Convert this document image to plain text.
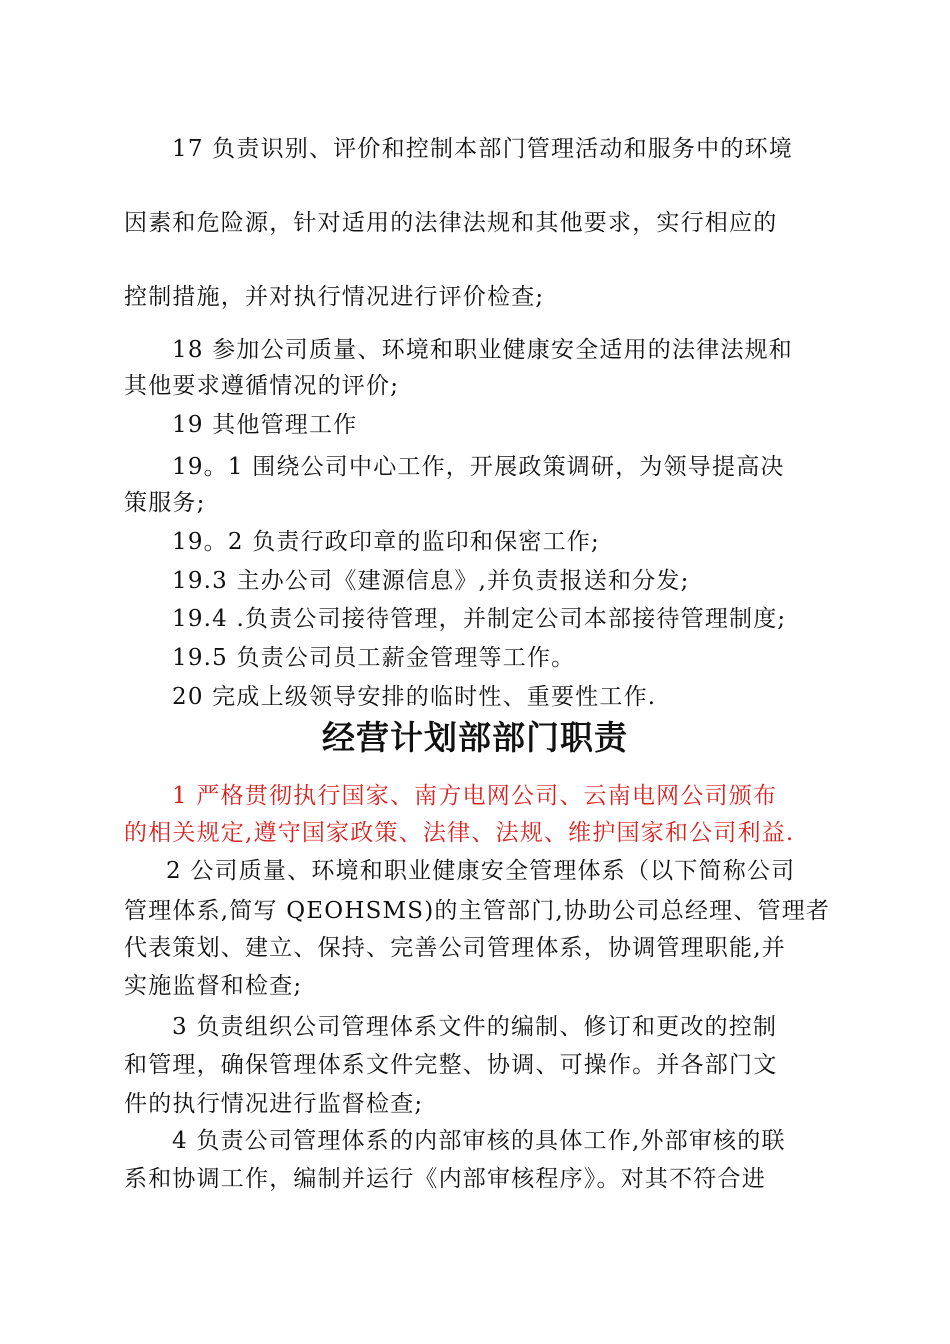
17 负责识别、评价和控制本部门管理活动和服务中的环境
因素和危险源，针对适用的法律法规和其他要求，实行相应的
控制措施，并对执行情况进行评价检查;
18 参加公司质量、环境和职业健康安全适用的法律法规和
其他要求遵循情况的评价;
19 其他管理工作
19。1 围绕公司中心工作，开展政策调研，为领导提高决
策服务;
19。2 负责行政印章的监印和保密工作;
19.3 主办公司《建源信息》,并负责报送和分发;
19.4 .负责公司接待管理，并制定公司本部接待管理制度;
19.5 负责公司员工薪金管理等工作。
20 完成上级领导安排的临时性、重要性工作.
经营计划部部门职责
1 严格贯彻执行国家、南方电网公司、云南电网公司颁布
的相关规定,遵守国家政策、法律、法规、维护国家和公司利益.
2 公司质量、环境和职业健康安全管理体系（以下简称公司
管理体系,简写 QEOHSMS)的主管部门,协助公司总经理、管理者
代表策划、建立、保持、完善公司管理体系，协调管理职能,并
实施监督和检查;
3 负责组织公司管理体系文件的编制、修订和更改的控制
和管理，确保管理体系文件完整、协调、可操作。并各部门文
件的执行情况进行监督检查;
4 负责公司管理体系的内部审核的具体工作,外部审核的联
系和协调工作，编制并运行《内部审核程序》。对其不符合进
